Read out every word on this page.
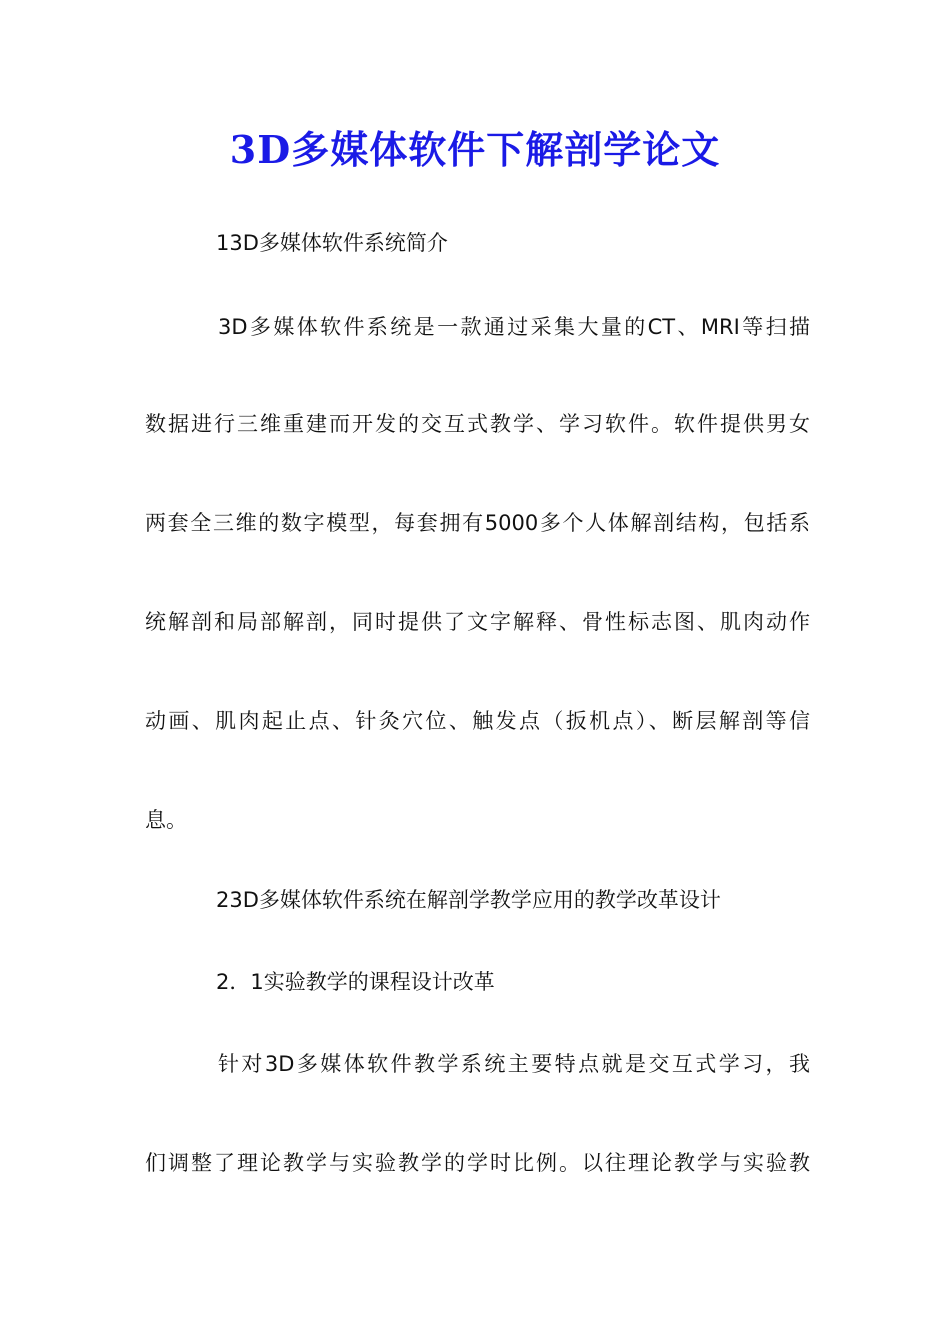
3D多媒体软件下解剖学论文

13D多媒体软件系统简介

3D多媒体软件系统是一款通过采集大量的CT、MRI等扫描

数据进行三维重建而开发的交互式教学、学习软件。软件提供男女

两套全三维的数字模型，每套拥有5000多个人体解剖结构，包括系

统解剖和局部解剖，同时提供了文字解释、骨性标志图、肌肉动作

动画、肌肉起止点、针灸穴位、触发点（扳机点）、断层解剖等信

息。

23D多媒体软件系统在解剖学教学应用的教学改革设计

2．1实验教学的课程设计改革

针对3D多媒体软件教学系统主要特点就是交互式学习，我

们调整了理论教学与实验教学的学时比例。以往理论教学与实验教
